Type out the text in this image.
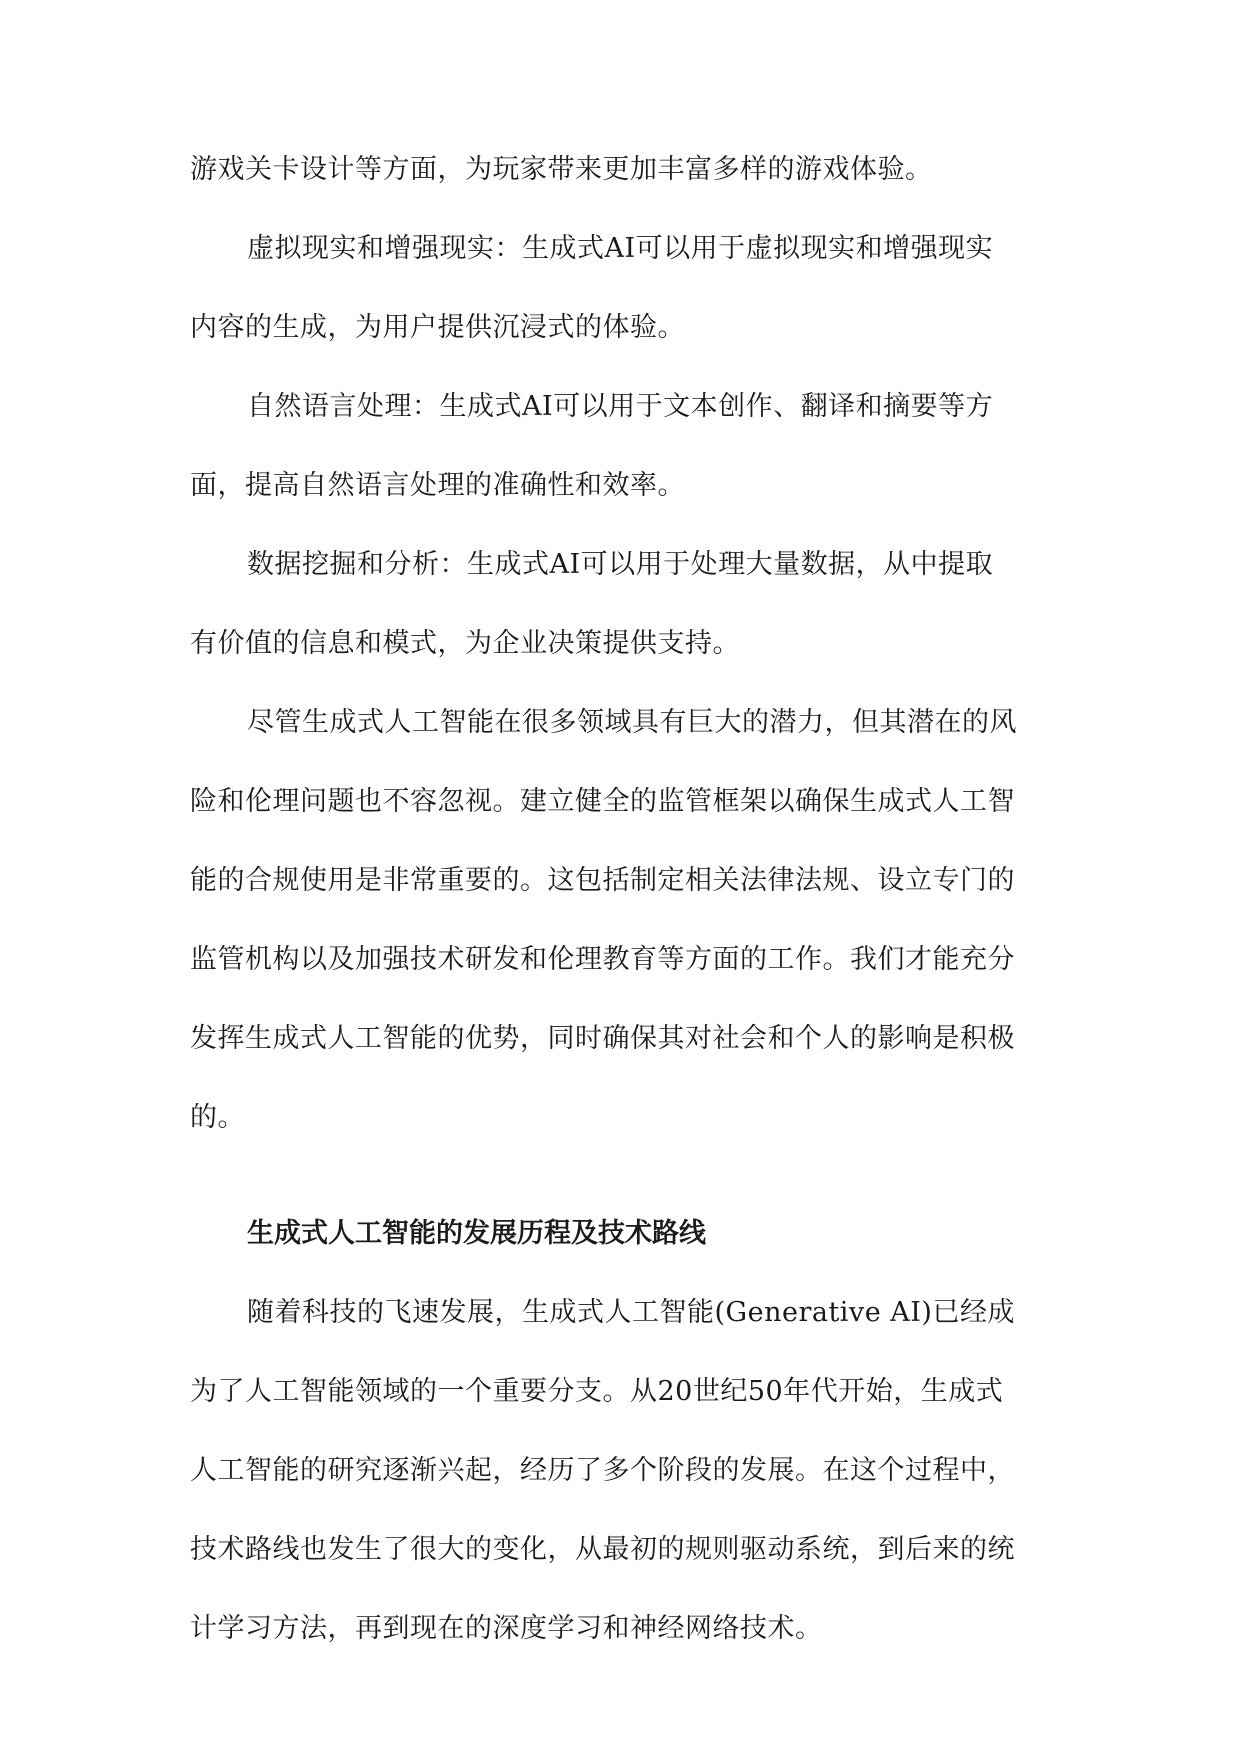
游戏关卡设计等方面，为玩家带来更加丰富多样的游戏体验。
虚拟现实和增强现实：生成式AI可以用于虚拟现实和增强现实
内容的生成，为用户提供沉浸式的体验。
自然语言处理：生成式AI可以用于文本创作、翻译和摘要等方
面，提高自然语言处理的准确性和效率。
数据挖掘和分析：生成式AI可以用于处理大量数据，从中提取
有价值的信息和模式，为企业决策提供支持。
尽管生成式人工智能在很多领域具有巨大的潜力，但其潜在的风
险和伦理问题也不容忽视。建立健全的监管框架以确保生成式人工智
能的合规使用是非常重要的。这包括制定相关法律法规、设立专门的
监管机构以及加强技术研发和伦理教育等方面的工作。我们才能充分
发挥生成式人工智能的优势，同时确保其对社会和个人的影响是积极
的。
生成式人工智能的发展历程及技术路线
随着科技的飞速发展，生成式人工智能(Generative AI)已经成
为了人工智能领域的一个重要分支。从20世纪50年代开始，生成式
人工智能的研究逐渐兴起，经历了多个阶段的发展。在这个过程中，
技术路线也发生了很大的变化，从最初的规则驱动系统，到后来的统
计学习方法，再到现在的深度学习和神经网络技术。
